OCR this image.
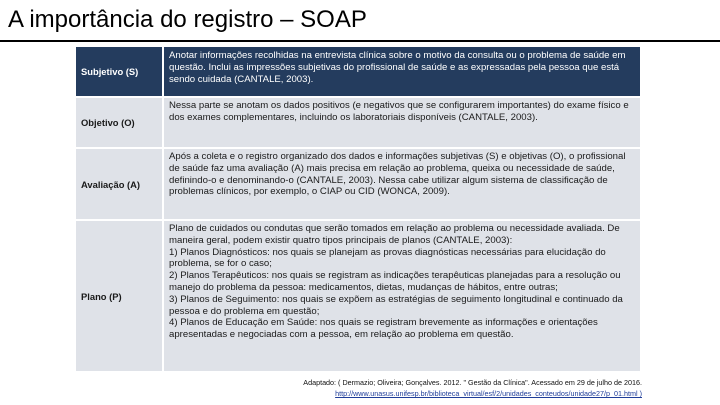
A importância do registro – SOAP
Subjetivo (S)
Anotar informações recolhidas na entrevista clínica sobre o motivo da consulta ou o problema de saúde em questão. Inclui as impressões subjetivas do profissional de saúde e as expressadas pela pessoa que está sendo cuidada (CANTALE, 2003).
Objetivo (O)
Nessa parte se anotam os dados positivos (e negativos que se configurarem importantes) do exame físico e dos exames complementares, incluindo os laboratoriais disponíveis (CANTALE, 2003).
Avaliação (A)
Após a coleta e o registro organizado dos dados e informações subjetivas (S) e objetivas (O), o profissional de saúde faz uma avaliação (A) mais precisa em relação ao problema, queixa ou necessidade de saúde, definindo-o e denominando-o (CANTALE, 2003). Nessa cabe utilizar algum sistema de classificação de problemas clínicos, por exemplo, o CIAP ou CID (WONCA, 2009).
Plano (P)
Plano de cuidados ou condutas que serão tomados em relação ao problema ou necessidade avaliada. De maneira geral, podem existir quatro tipos principais de planos (CANTALE, 2003):
1) Planos Diagnósticos: nos quais se planejam as provas diagnósticas necessárias para elucidação do problema, se for o caso;
2) Planos Terapêuticos: nos quais se registram as indicações terapêuticas planejadas para a resolução ou manejo do problema da pessoa: medicamentos, dietas, mudanças de hábitos, entre outras;
3) Planos de Seguimento: nos quais se expõem as estratégias de seguimento longitudinal e continuado da pessoa e do problema em questão;
4) Planos de Educação em Saúde: nos quais se registram brevemente as informações e orientações apresentadas e negociadas com a pessoa, em relação ao problema em questão.
Adaptado: ( Dermazio; Oliveira; Gonçalves. 2012. " Gestão da Clínica". Acessado em 29 de julho de 2016.
http://www.unasus.unifesp.br/biblioteca_virtual/esf/2/unidades_conteudos/unidade27/p_01.html )
